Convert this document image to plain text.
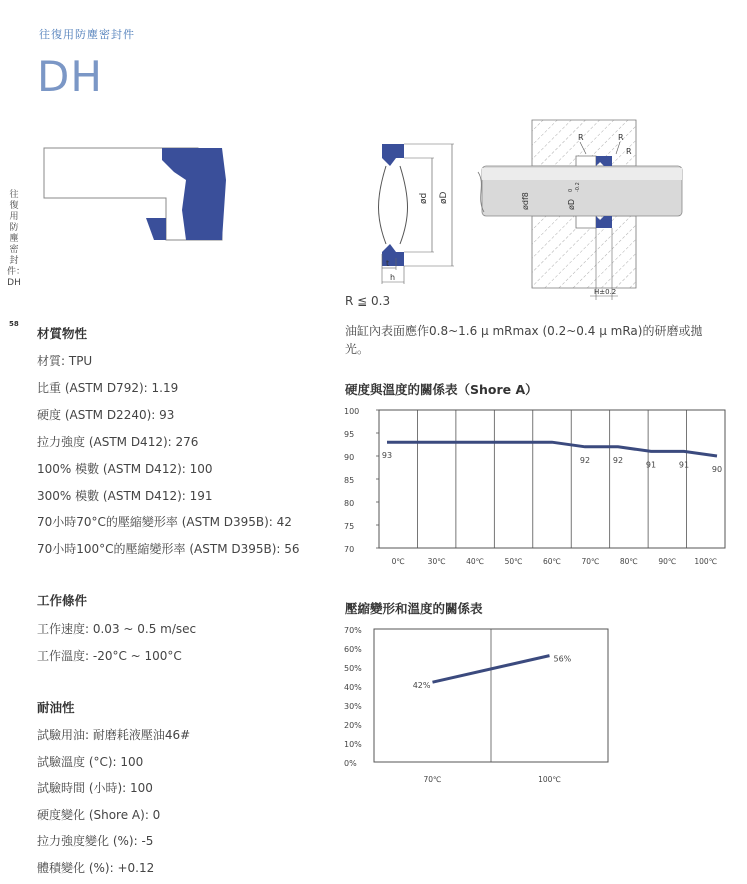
往復用防塵密封件
DH
往復用防塵密封件：DH
58
ød øD
t
h
R	R
R
ødf8	øD
0 -0.2
H±0.2
R ≦ 0.3
油缸內表面應作0.8~1.6 μ mRmax (0.2~0.4 μ mRa)的研磨或拋光。
材質物性
材質: TPU
比重 (ASTM D792): 1.19
硬度 (ASTM D2240): 93
拉力強度 (ASTM D412): 276
100% 模數 (ASTM D412): 100
300% 模數 (ASTM D412): 191
70小時70°C的壓縮變形率 (ASTM D395B): 42
70小時100°C的壓縮變形率 (ASTM D395B): 56
工作條件
工作速度: 0.03 ~ 0.5 m/sec
工作溫度: -20°C ~ 100°C
耐油性
試驗用油: 耐磨耗液壓油46#
試驗溫度 (°C): 100
試驗時間 (小時): 100
硬度變化 (Shore A): 0
拉力強度變化 (%): -5
體積變化 (%): +0.12
硬度與溫度的關係表（Shore A）
100
95
90
85
80
75
70
0℃	30℃	40℃	50℃	60℃	70℃	80℃	90℃ 100℃
93
92	92
91	91
90
壓縮變形和溫度的關係表
70%
60%
50%
40%
30%
20%
10%
0%
70℃	100℃
42%
56%
